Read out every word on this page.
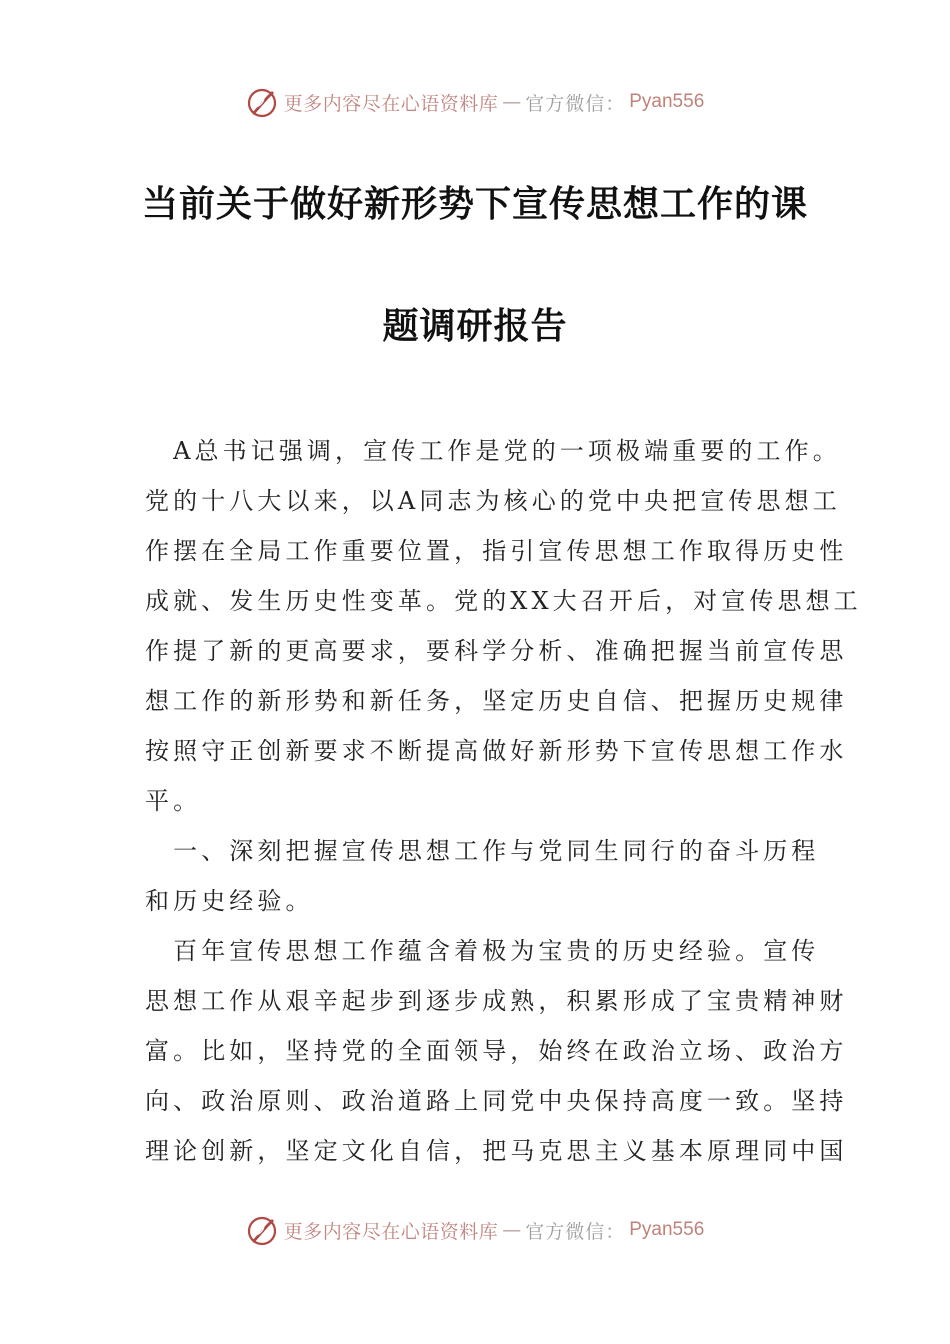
更多内容尽在心语资料库 — 官方微信： Pyan556
当前关于做好新形势下宣传思想工作的课
题调研报告
　A总书记强调，宣传工作是党的一项极端重要的工作。
党的十八大以来，以A同志为核心的党中央把宣传思想工
作摆在全局工作重要位置，指引宣传思想工作取得历史性
成就、发生历史性变革。党的XX大召开后，对宣传思想工
作提了新的更高要求，要科学分析、准确把握当前宣传思
想工作的新形势和新任务，坚定历史自信、把握历史规律
按照守正创新要求不断提高做好新形势下宣传思想工作水
平。
　一、深刻把握宣传思想工作与党同生同行的奋斗历程
和历史经验。
　百年宣传思想工作蕴含着极为宝贵的历史经验。宣传
思想工作从艰辛起步到逐步成熟，积累形成了宝贵精神财
富。比如，坚持党的全面领导，始终在政治立场、政治方
向、政治原则、政治道路上同党中央保持高度一致。坚持
理论创新，坚定文化自信，把马克思主义基本原理同中国
更多内容尽在心语资料库 — 官方微信： Pyan556
